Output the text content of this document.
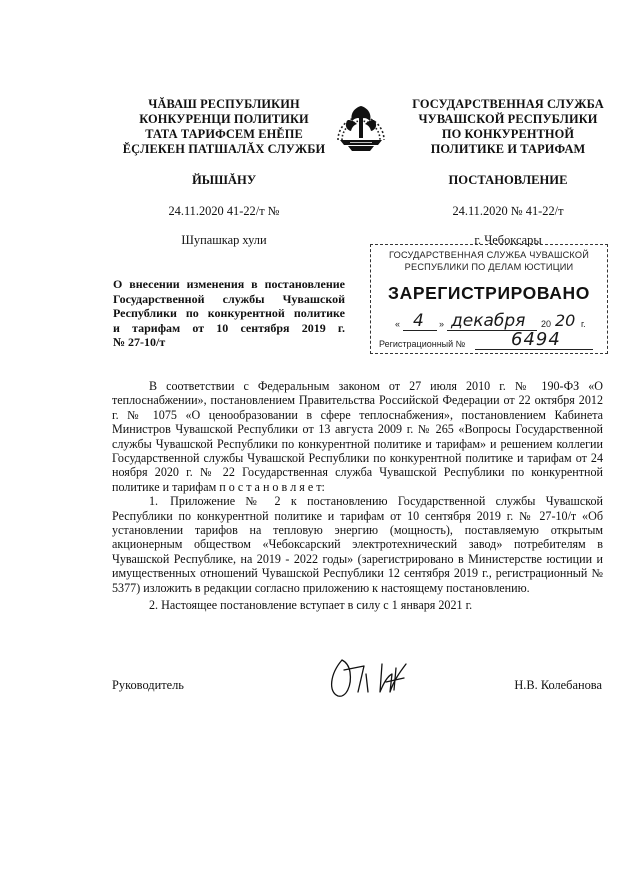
ЧĂВАШ РЕСПУБЛИКИН
КОНКУРЕНЦИ ПОЛИТИКИ
ТАТА ТАРИФСЕМ ЕНĚПЕ
ĔÇЛЕКЕН ПАТШАЛĂХ СЛУЖБИ
ГОСУДАРСТВЕННАЯ СЛУЖБА
ЧУВАШСКОЙ РЕСПУБЛИКИ
ПО КОНКУРЕНТНОЙ
ПОЛИТИКЕ И ТАРИФАМ
ЙЫШĂНУ	ПОСТАНОВЛЕНИЕ
24.11.2020 41-22/т №	24.11.2020 № 41-22/т
Шупашкар хули	г. Чебоксары
ГОСУДАРСТВЕННАЯ СЛУЖБА ЧУВАШСКОЙ
РЕСПУБЛИКИ ПО ДЕЛАМ ЮСТИЦИИ
ЗАРЕГИСТРИРОВАНО
« 4 » декабря 20 20 г.
Регистрационный №	6494
О внесении изменения в постановление
Государственной службы Чувашской
Республики по конкурентной политике
и тарифам от 10 сентября 2019 г.
№ 27-10/т

В соответствии с Федеральным законом от 27 июля 2010 г. № 190-ФЗ «О теплоснабжении», постановлением Правительства Российской Федерации от 22 октября 2012 г. № 1075 «О ценообразовании в сфере теплоснабжения», постановлением Кабинета Министров Чувашской Республики от 13 августа 2009 г. № 265 «Вопросы Государственной службы Чувашской Республики по конкурентной политике и тарифам» и решением коллегии Государственной службы Чувашской Республики по конкурентной политике и тарифам от 24 ноября 2020 г. № 22 Государственная служба Чувашской Республики по конкурентной политике и тарифам п о с т а н о в л я е т:

1. Приложение № 2 к постановлению Государственной службы Чувашской Республики по конкурентной политике и тарифам от 10 сентября 2019 г. № 27-10/т «Об установлении тарифов на тепловую энергию (мощность), поставляемую открытым акционерным обществом «Чебоксарский электротехнический завод» потребителям в Чувашской Республике, на 2019 - 2022 годы» (зарегистрировано в Министерстве юстиции и имущественных отношений Чувашской Республики 12 сентября 2019 г., регистрационный № 5377) изложить в редакции согласно приложению к настоящему постановлению.

2. Настоящее постановление вступает в силу с 1 января 2021 г.

Руководитель	Н.В. Колебанова
